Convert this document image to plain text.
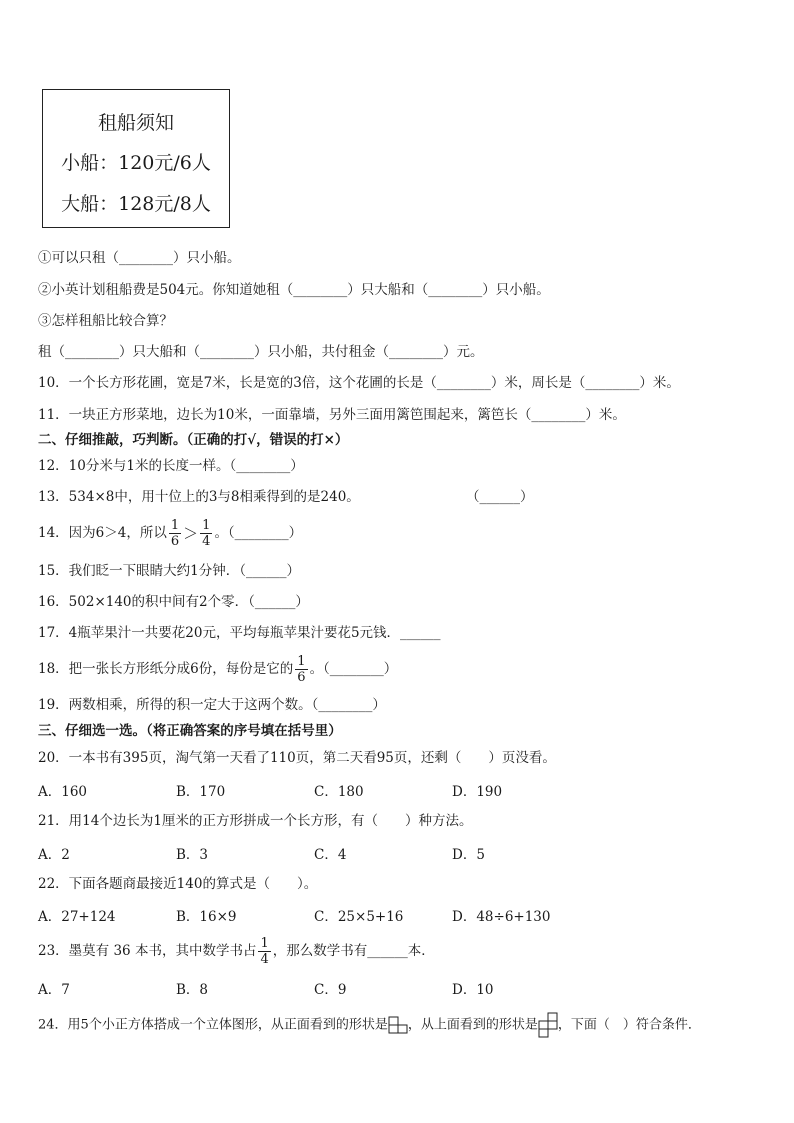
租船须知
小船：120元/6人
大船：128元/8人
①可以只租（________）只小船。
②小英计划租船费是504元。你知道她租（________）只大船和（________）只小船。
③怎样租船比较合算？
租（________）只大船和（________）只小船，共付租金（________）元。
10．一个长方形花圃，宽是7米，长是宽的3倍，这个花圃的长是（________）米，周长是（________）米。
11．一块正方形菜地，边长为10米，一面靠墙，另外三面用篱笆围起来，篱笆长（________）米。
二、仔细推敲，巧判断。（正确的打√，错误的打×）
12．10分米与1米的长度一样。（________）
13．534×8中，用十位上的3与8相乘得到的是240。	（______）
14．因为6＞4，所以 $\frac{1}{6} > \frac{1}{4}$ 。（________）
15．我们眨一下眼睛大约1分钟．（______）
16．502×140的积中间有2个零．（______）
17．4瓶苹果汁一共要花20元，平均每瓶苹果汁要花5元钱．______
18．把一张长方形纸分成6份，每份是它的 $\frac{1}{6}$ 。（________）
19．两数相乘，所得的积一定大于这两个数。（________）
三、仔细选一选。（将正确答案的序号填在括号里）
20．一本书有395页，淘气第一天看了110页，第二天看95页，还剩（　　）页没看。
A．160	B．170	C．180	D．190
21．用14个边长为1厘米的正方形拼成一个长方形，有（　　）种方法。
A．2	B．3	C．4	D．5
22．下面各题商最接近140的算式是（　　）。
A．27+124	B．16×9	C．25×5+16	D．48÷6+130
23．墨莫有 36 本书，其中数学书占 $\frac{1}{4}$ ，那么数学书有______本．
A．7	B．8	C．9	D．10
24．用5个小正方体搭成一个立体图形，从正面看到的形状是 ，从上面看到的形状是 ，下面（　）符合条件．
